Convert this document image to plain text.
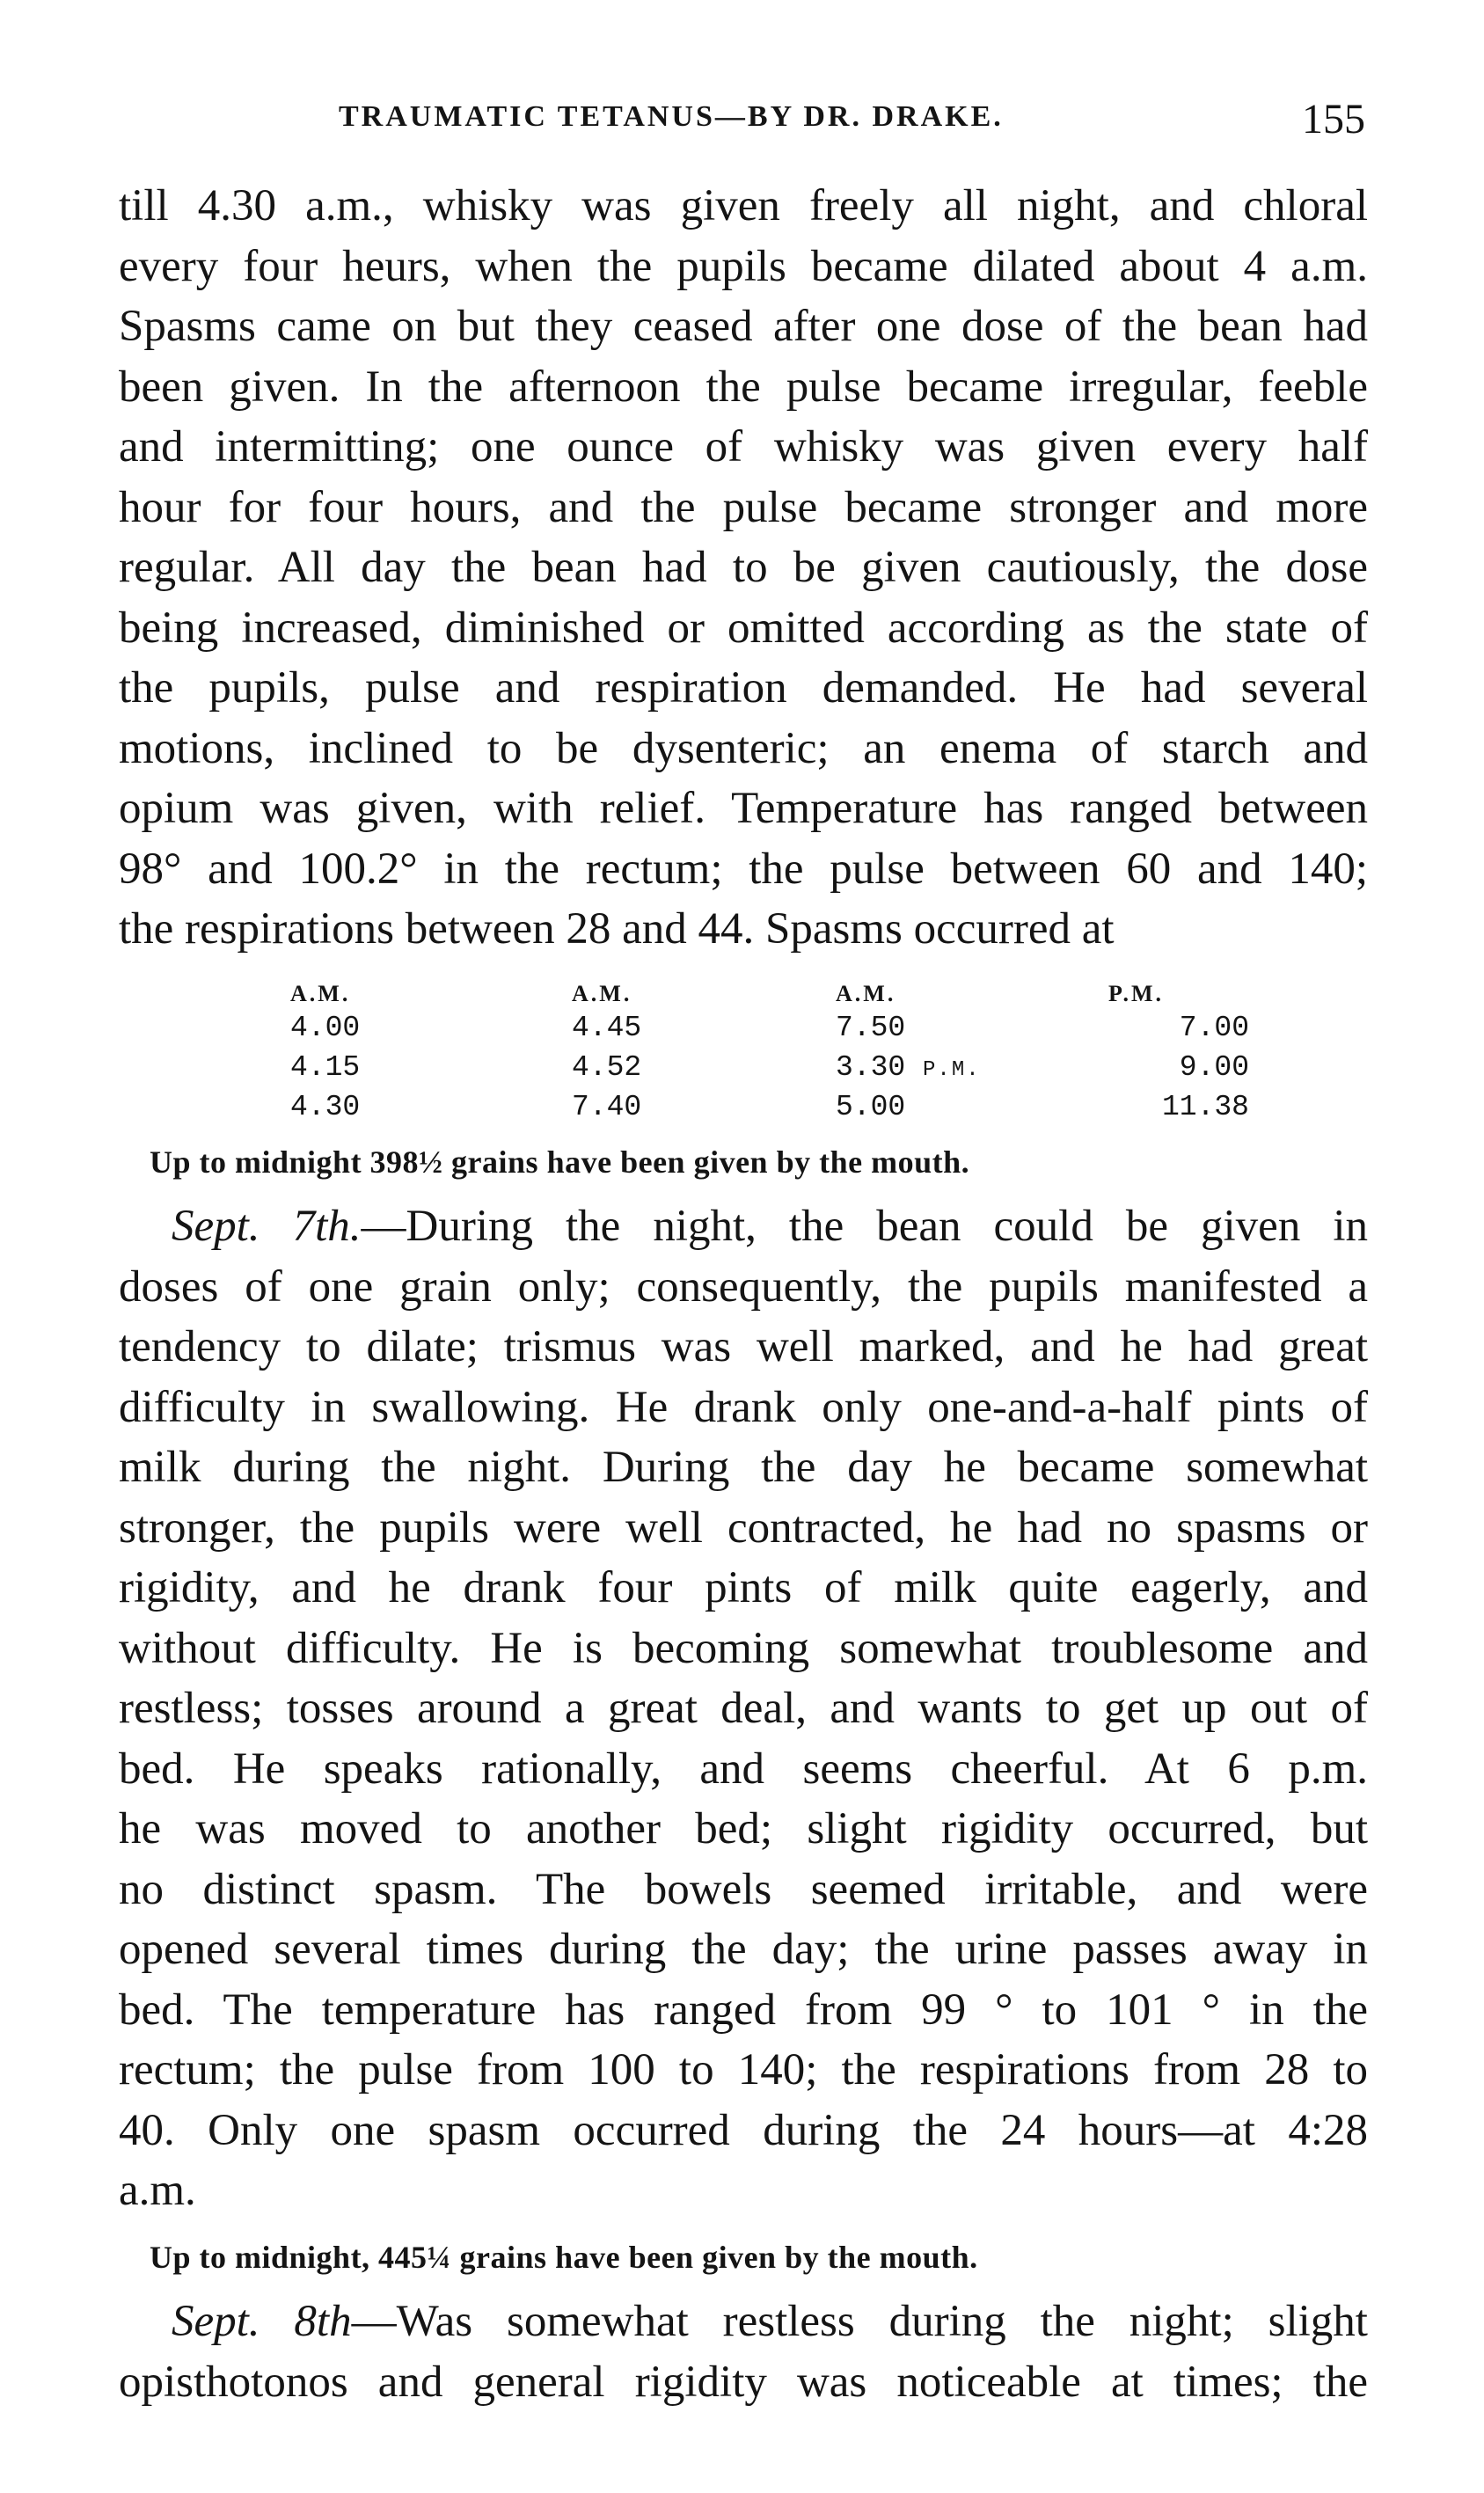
TRAUMATIC TETANUS—BY DR. DRAKE.	155
till 4.30 a.m., whisky was given freely all night, and chloral
every four heurs, when the pupils became dilated about 4 a.m.
Spasms came on but they ceased after one dose of the bean had
been given. In the afternoon the pulse became irregular, feeble
and intermitting; one ounce of whisky was given every half
hour for four hours, and the pulse became stronger and more
regular. All day the bean had to be given cautiously, the dose
being increased, diminished or omitted according as the state of
the pupils, pulse and respiration demanded. He had several
motions, inclined to be dysenteric; an enema of starch and
opium was given, with relief. Temperature has ranged between
98° and 100.2° in the rectum; the pulse between 60 and 140;
the respirations between 28 and 44. Spasms occurred at
A.M.	A.M.	A.M.	P.M.
4.00	4.45	7.50	7.00
4.15	4.52	3.30 P.M.	9.00
4.30	7.40	5.00	11.38
Up to midnight 398½ grains have been given by the mouth.
Sept. 7th.—During the night, the bean could be given in
doses of one grain only; consequently, the pupils manifested a
tendency to dilate; trismus was well marked, and he had great
difficulty in swallowing. He drank only one-and-a-half pints of
milk during the night. During the day he became somewhat
stronger, the pupils were well contracted, he had no spasms or
rigidity, and he drank four pints of milk quite eagerly, and
without difficulty. He is becoming somewhat troublesome and
restless; tosses around a great deal, and wants to get up out of
bed. He speaks rationally, and seems cheerful. At 6 p.m.
he was moved to another bed; slight rigidity occurred, but
no distinct spasm. The bowels seemed irritable, and were
opened several times during the day; the urine passes away in
bed. The temperature has ranged from 99 ° to 101 ° in the
rectum; the pulse from 100 to 140; the respirations from 28 to
40. Only one spasm occurred during the 24 hours—at 4:28
a.m.
Up to midnight, 445¼ grains have been given by the mouth.
Sept. 8th—Was somewhat restless during the night; slight
opisthotonos and general rigidity was noticeable at times; the
